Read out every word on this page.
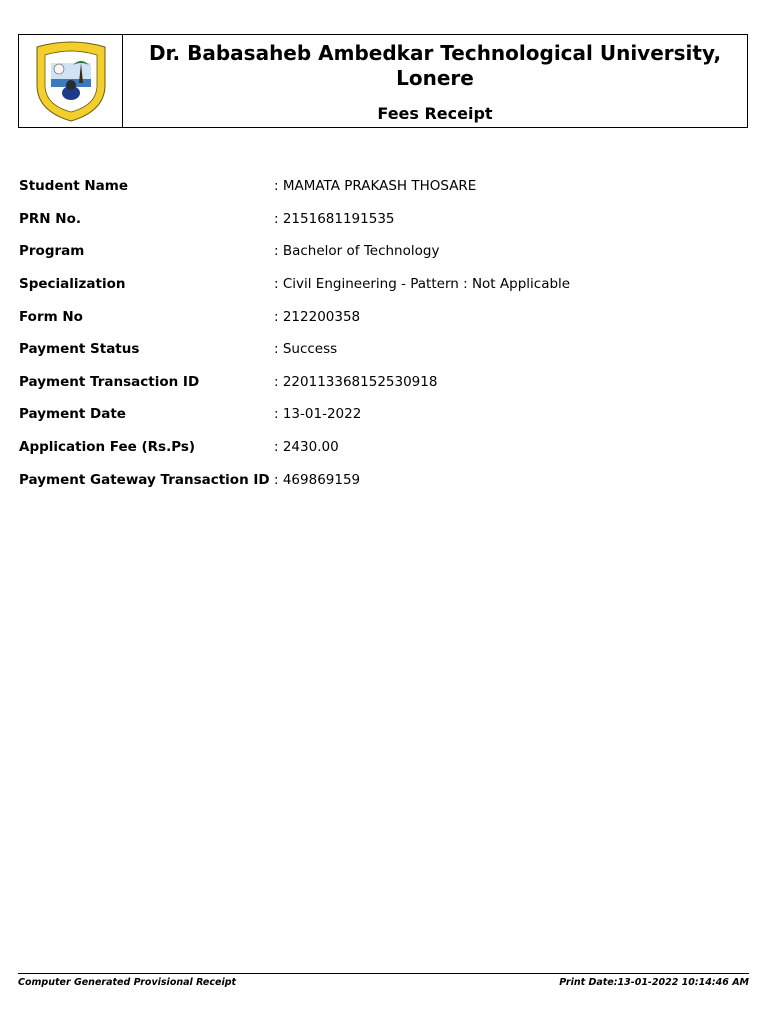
Dr. Babasaheb Ambedkar Technological University,
Lonere
Fees Receipt
Student Name	: MAMATA PRAKASH THOSARE
PRN No.	: 2151681191535
Program	: Bachelor of Technology
Specialization	: Civil Engineering - Pattern : Not Applicable
Form No	: 212200358
Payment Status	: Success
Payment Transaction ID	: 220113368152530918
Payment Date	: 13-01-2022
Application Fee (Rs.Ps)	: 2430.00
Payment Gateway Transaction ID : 469869159
Computer Generated Provisional Receipt	Print Date:13-01-2022 10:14:46 AM
